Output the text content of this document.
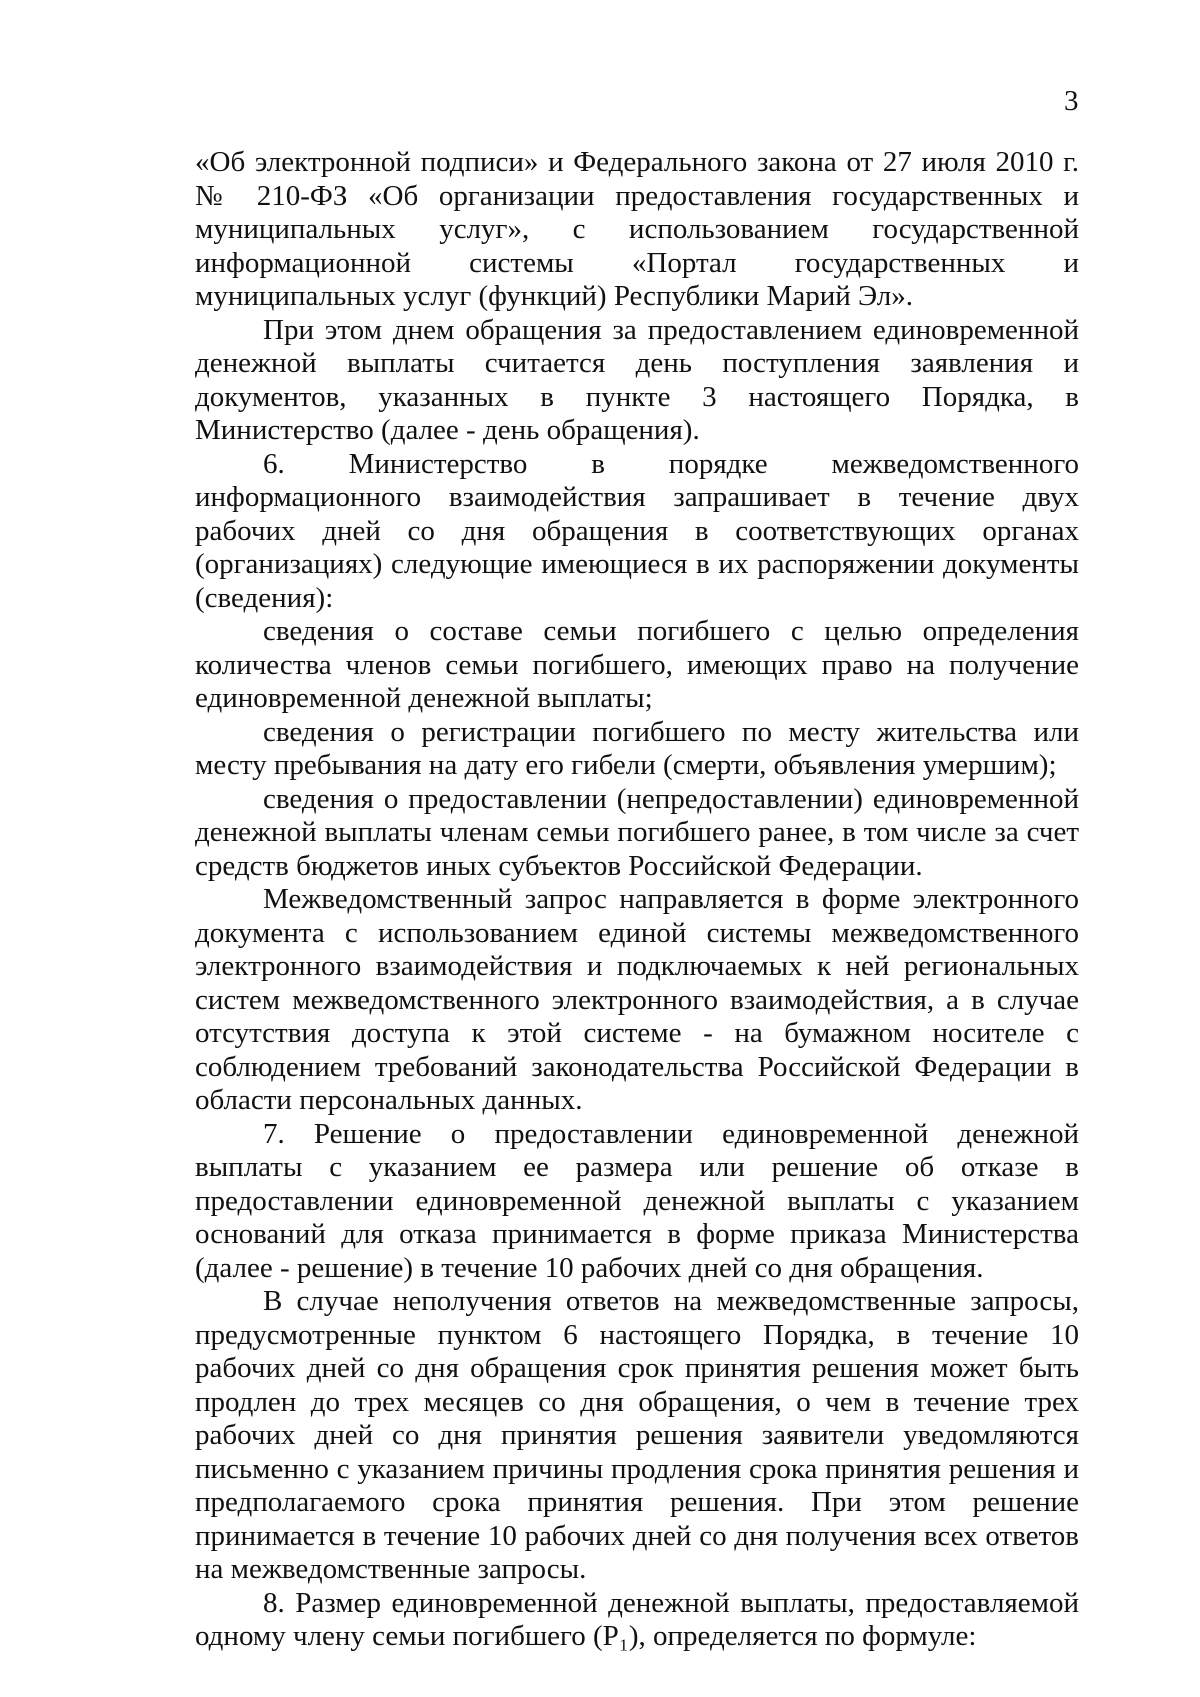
3

«Об электронной подписи» и Федерального закона от 27 июля 2010 г. № 210-ФЗ «Об организации предоставления государственных и муниципальных услуг», с использованием государственной информационной системы «Портал государственных и муниципальных услуг (функций) Республики Марий Эл».

При этом днем обращения за предоставлением единовременной денежной выплаты считается день поступления заявления и документов, указанных в пункте 3 настоящего Порядка, в Министерство (далее - день обращения).

6. Министерство в порядке межведомственного информационного взаимодействия запрашивает в течение двух рабочих дней со дня обращения в соответствующих органах (организациях) следующие имеющиеся в их распоряжении документы (сведения):

сведения о составе семьи погибшего с целью определения количества членов семьи погибшего, имеющих право на получение единовременной денежной выплаты;

сведения о регистрации погибшего по месту жительства или месту пребывания на дату его гибели (смерти, объявления умершим);

сведения о предоставлении (непредоставлении) единовременной денежной выплаты членам семьи погибшего ранее, в том числе за счет средств бюджетов иных субъектов Российской Федерации.

Межведомственный запрос направляется в форме электронного документа с использованием единой системы межведомственного электронного взаимодействия и подключаемых к ней региональных систем межведомственного электронного взаимодействия, а в случае отсутствия доступа к этой системе - на бумажном носителе с соблюдением требований законодательства Российской Федерации в области персональных данных.

7. Решение о предоставлении единовременной денежной выплаты с указанием ее размера или решение об отказе в предоставлении единовременной денежной выплаты с указанием оснований для отказа принимается в форме приказа Министерства (далее - решение) в течение 10 рабочих дней со дня обращения.

В случае неполучения ответов на межведомственные запросы, предусмотренные пунктом 6 настоящего Порядка, в течение 10 рабочих дней со дня обращения срок принятия решения может быть продлен до трех месяцев со дня обращения, о чем в течение трех рабочих дней со дня принятия решения заявители уведомляются письменно с указанием причины продления срока принятия решения и предполагаемого срока принятия решения. При этом решение принимается в течение 10 рабочих дней со дня получения всех ответов на межведомственные запросы.

8. Размер единовременной денежной выплаты, предоставляемой одному члену семьи погибшего (Р₁), определяется по формуле:
